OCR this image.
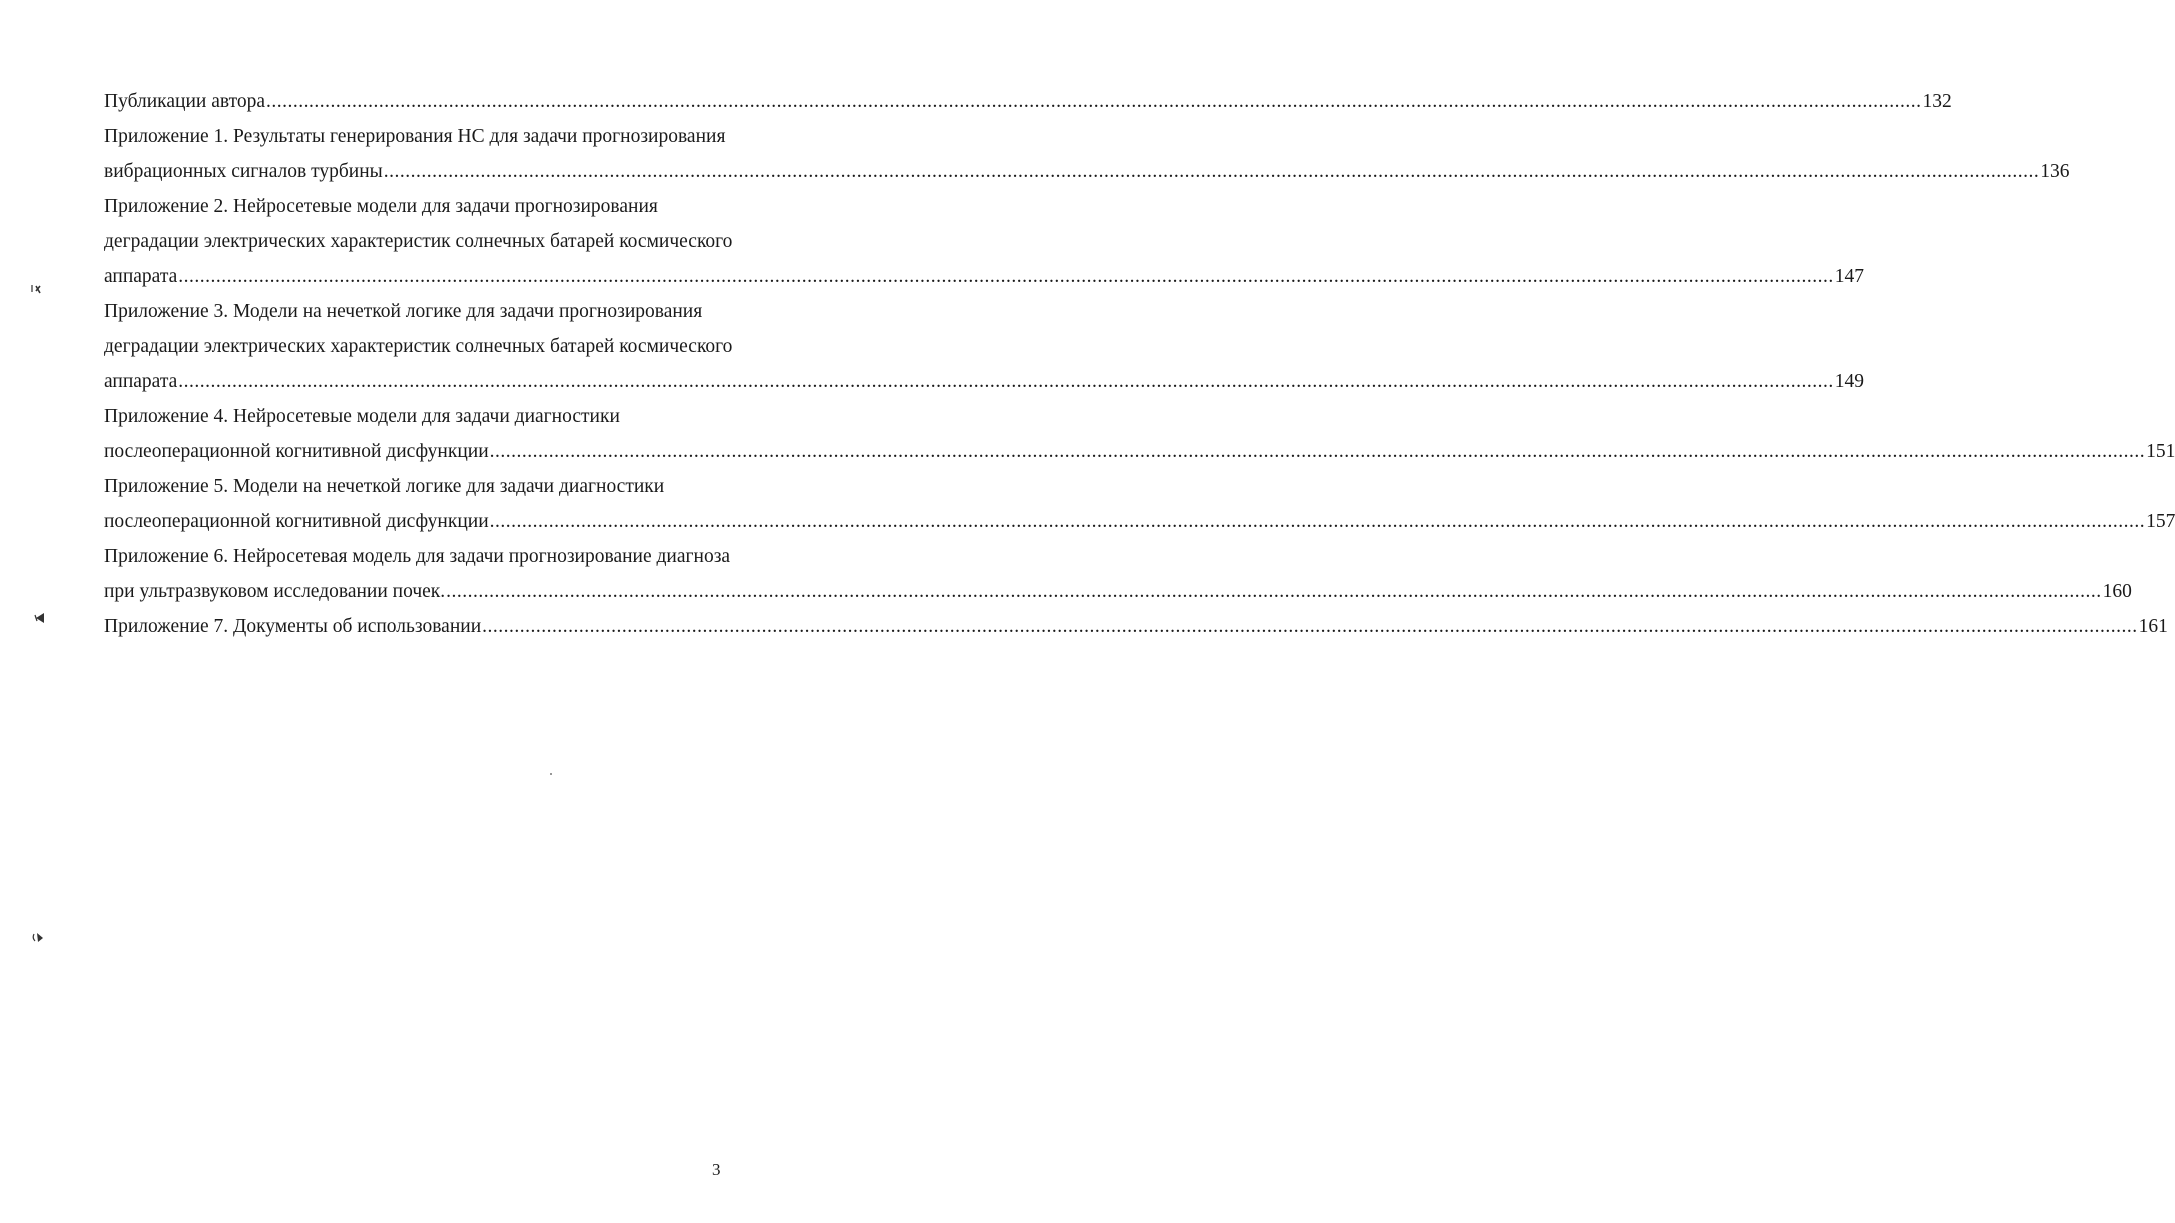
Публикации автора .....	132
Приложение 1. Результаты генерирования НС для задачи прогнозирования
вибрационных сигналов турбины .....	136
Приложение 2. Нейросетевые модели для задачи прогнозирования
деградации электрических характеристик солнечных батарей космического
аппарата .....	147
Приложение 3. Модели на нечеткой логике для задачи прогнозирования
деградации электрических характеристик солнечных батарей космического
аппарата .....	149
Приложение 4. Нейросетевые модели для задачи диагностики
послеоперационной когнитивной дисфункции .....	151
Приложение 5. Модели на нечеткой логике для задачи диагностики
послеоперационной когнитивной дисфункции .....	157
Приложение 6. Нейросетевая модель для задачи прогнозирование диагноза
при ультразвуковом исследовании почек. .....	160
Приложение 7. Документы об использовании .....	161
3
